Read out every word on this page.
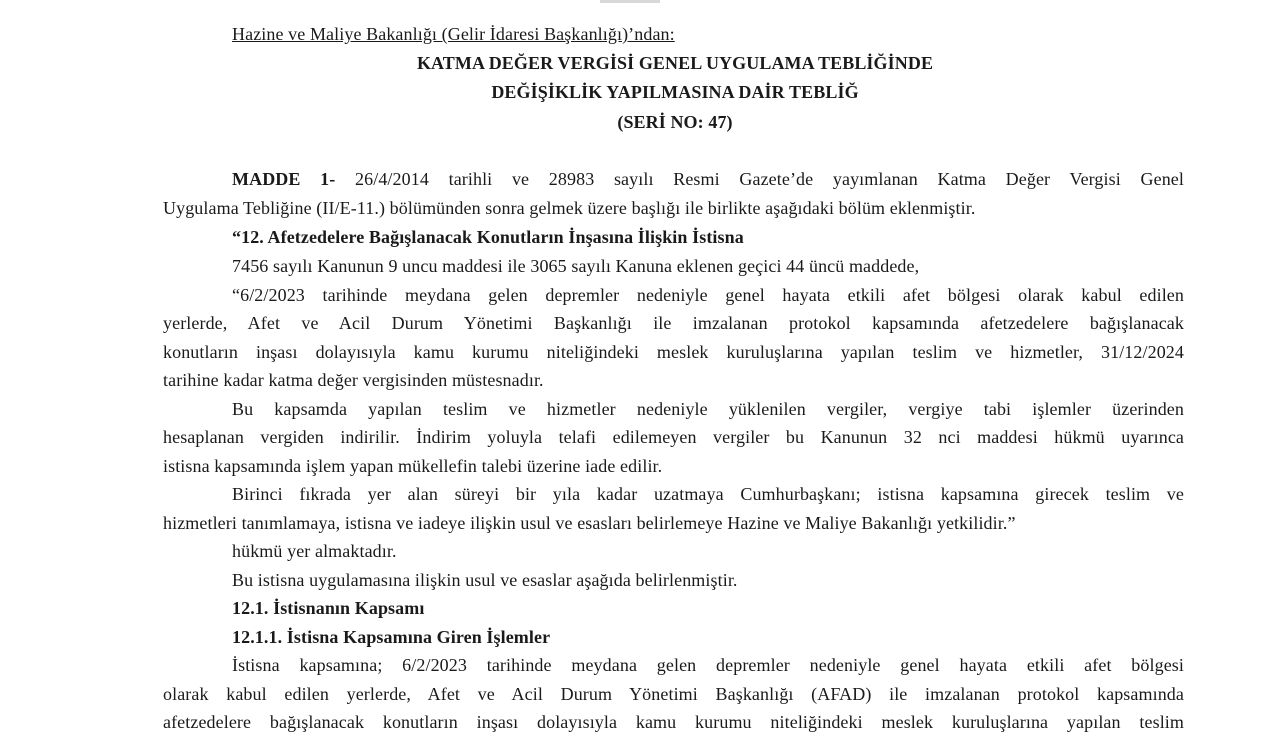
Hazine ve Maliye Bakanlığı (Gelir İdaresi Başkanlığı)’ndan:
KATMA DEĞER VERGİSİ GENEL UYGULAMA TEBLİĞİNDE
DEĞİŞİKLİK YAPILMASINA DAİR TEBLİĞ
(SERİ NO: 47)
MADDE 1- 26/4/2014 tarihli ve 28983 sayılı Resmi Gazete’de yayımlanan Katma Değer Vergisi Genel
Uygulama Tebliğine (II/E-11.) bölümünden sonra gelmek üzere başlığı ile birlikte aşağıdaki bölüm eklenmiştir.
“12. Afetzedelere Bağışlanacak Konutların İnşasına İlişkin İstisna
7456 sayılı Kanunun 9 uncu maddesi ile 3065 sayılı Kanuna eklenen geçici 44 üncü maddede,
“6/2/2023 tarihinde meydana gelen depremler nedeniyle genel hayata etkili afet bölgesi olarak kabul edilen
yerlerde, Afet ve Acil Durum Yönetimi Başkanlığı ile imzalanan protokol kapsamında afetzedelere bağışlanacak
konutların inşası dolayısıyla kamu kurumu niteliğindeki meslek kuruluşlarına yapılan teslim ve hizmetler, 31/12/2024
tarihine kadar katma değer vergisinden müstesnadır.
Bu kapsamda yapılan teslim ve hizmetler nedeniyle yüklenilen vergiler, vergiye tabi işlemler üzerinden
hesaplanan vergiden indirilir. İndirim yoluyla telafi edilemeyen vergiler bu Kanunun 32 nci maddesi hükmü uyarınca
istisna kapsamında işlem yapan mükellefin talebi üzerine iade edilir.
Birinci fıkrada yer alan süreyi bir yıla kadar uzatmaya Cumhurbaşkanı; istisna kapsamına girecek teslim ve
hizmetleri tanımlamaya, istisna ve iadeye ilişkin usul ve esasları belirlemeye Hazine ve Maliye Bakanlığı yetkilidir.”
hükmü yer almaktadır.
Bu istisna uygulamasına ilişkin usul ve esaslar aşağıda belirlenmiştir.
12.1. İstisnanın Kapsamı
12.1.1. İstisna Kapsamına Giren İşlemler
İstisna kapsamına; 6/2/2023 tarihinde meydana gelen depremler nedeniyle genel hayata etkili afet bölgesi
olarak kabul edilen yerlerde, Afet ve Acil Durum Yönetimi Başkanlığı (AFAD) ile imzalanan protokol kapsamında
afetzedelere bağışlanacak konutların inşası dolayısıyla kamu kurumu niteliğindeki meslek kuruluşlarına yapılan teslim
